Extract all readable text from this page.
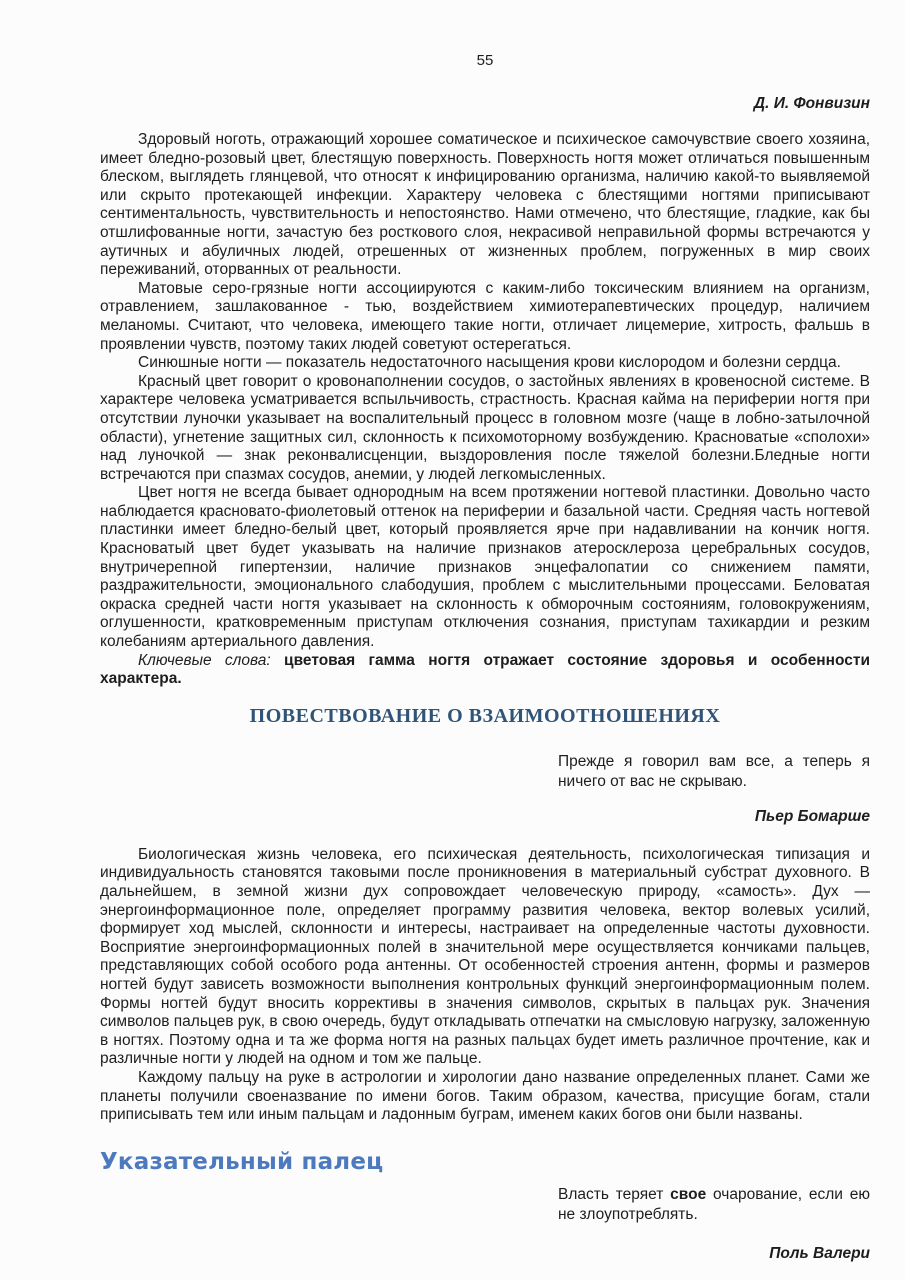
55
Д. И. Фонвизин

Здоровый ноготь, отражающий хорошее соматическое и психическое самочувствие своего хозяина, имеет бледно-розовый цвет, блестящую поверхность. Поверхность ногтя может отличаться повышенным блеском, выглядеть глянцевой, что относят к инфицированию организма, наличию какой-то выявляемой или скрыто протекающей инфекции. Характеру человека с блестящими ногтями приписывают сентиментальность, чувствительность и непостоянство. Нами отмечено, что блестящие, гладкие, как бы отшлифованные ногти, зачастую без росткового слоя, некрасивой неправильной формы встречаются у аутичных и абуличных людей, отрешенных от жизненных проблем, погруженных в мир своих переживаний, оторванных от реальности.

Матовые серо-грязные ногти ассоциируются с каким-либо токсическим влиянием на организм, отравлением, зашлакованное - тью, воздействием химиотерапевтических процедур, наличием меланомы. Считают, что человека, имеющего такие ногти, отличает лицемерие, хитрость, фальшь в проявлении чувств, поэтому таких людей советуют остерегаться.

Синюшные ногти — показатель недостаточного насыщения крови кислородом и болезни сердца.

Красный цвет говорит о кровонаполнении сосудов, о застойных явлениях в кровеносной системе. В характере человека усматривается вспыльчивость, страстность. Красная кайма на периферии ногтя при отсутствии луночки указывает на воспалительный процесс в головном мозге (чаще в лобно-затылочной области), угнетение защитных сил, склонность к психомоторному возбуждению. Красноватые «сполохи» над луночкой — знак реконвалисценции, выздоровления после тяжелой болезни.Бледные ногти встречаются при спазмах сосудов, анемии, у людей легкомысленных.

Цвет ногтя не всегда бывает однородным на всем протяжении ногтевой пластинки. Довольно часто наблюдается красновато-фиолетовый оттенок на периферии и базальной части. Средняя часть ногтевой пластинки имеет бледно-белый цвет, который проявляется ярче при надавливании на кончик ногтя. Красноватый цвет будет указывать на наличие признаков атеросклероза церебральных сосудов, внутричерепной гипертензии, наличие признаков энцефалопатии со снижением памяти, раздражительности, эмоционального слабодушия, проблем с мыслительными процессами. Беловатая окраска средней части ногтя указывает на склонность к обморочным состояниям, головокружениям, оглушенности, кратковременным приступам отключения сознания, приступам тахикардии и резким колебаниям артериального давления.

Ключевые слова: цветовая гамма ногтя отражает состояние здоровья и особенности характера.

ПОВЕСТВОВАНИЕ О ВЗАИМООТНОШЕНИЯХ
Прежде я говорил вам все, а теперь я ничего от вас не скрываю.
Пьер Бомарше

Биологическая жизнь человека, его психическая деятельность, психологическая типизация и индивидуальность становятся таковыми после проникновения в материальный субстрат духовного. В дальнейшем, в земной жизни дух сопровождает человеческую природу, «самость». Дух — энергоинформационное поле, определяет программу развития человека, вектор волевых усилий, формирует ход мыслей, склонности и интересы, настраивает на определенные частоты духовности. Восприятие энергоинформационных полей в значительной мере осуществляется кончиками пальцев, представляющих собой особого рода антенны. От особенностей строения антенн, формы и размеров ногтей будут зависеть возможности выполнения контрольных функций энергоинформационным полем. Формы ногтей будут вносить коррективы в значения символов, скрытых в пальцах рук. Значения символов пальцев рук, в свою очередь, будут откладывать отпечатки на смысловую нагрузку, заложенную в ногтях. Поэтому одна и та же форма ногтя на разных пальцах будет иметь различное прочтение, как и различные ногти у людей на одном и том же пальце.

Каждому пальцу на руке в астрологии и хирологии дано название определенных планет. Сами же планеты получили своеназвание по имени богов. Таким образом, качества, присущие богам, стали приписывать тем или иным пальцам и ладонным буграм, именем каких богов они были названы.

Указательный палец
Власть теряет свое очарование, если ею не злоупотреблять.
Поль Валери
